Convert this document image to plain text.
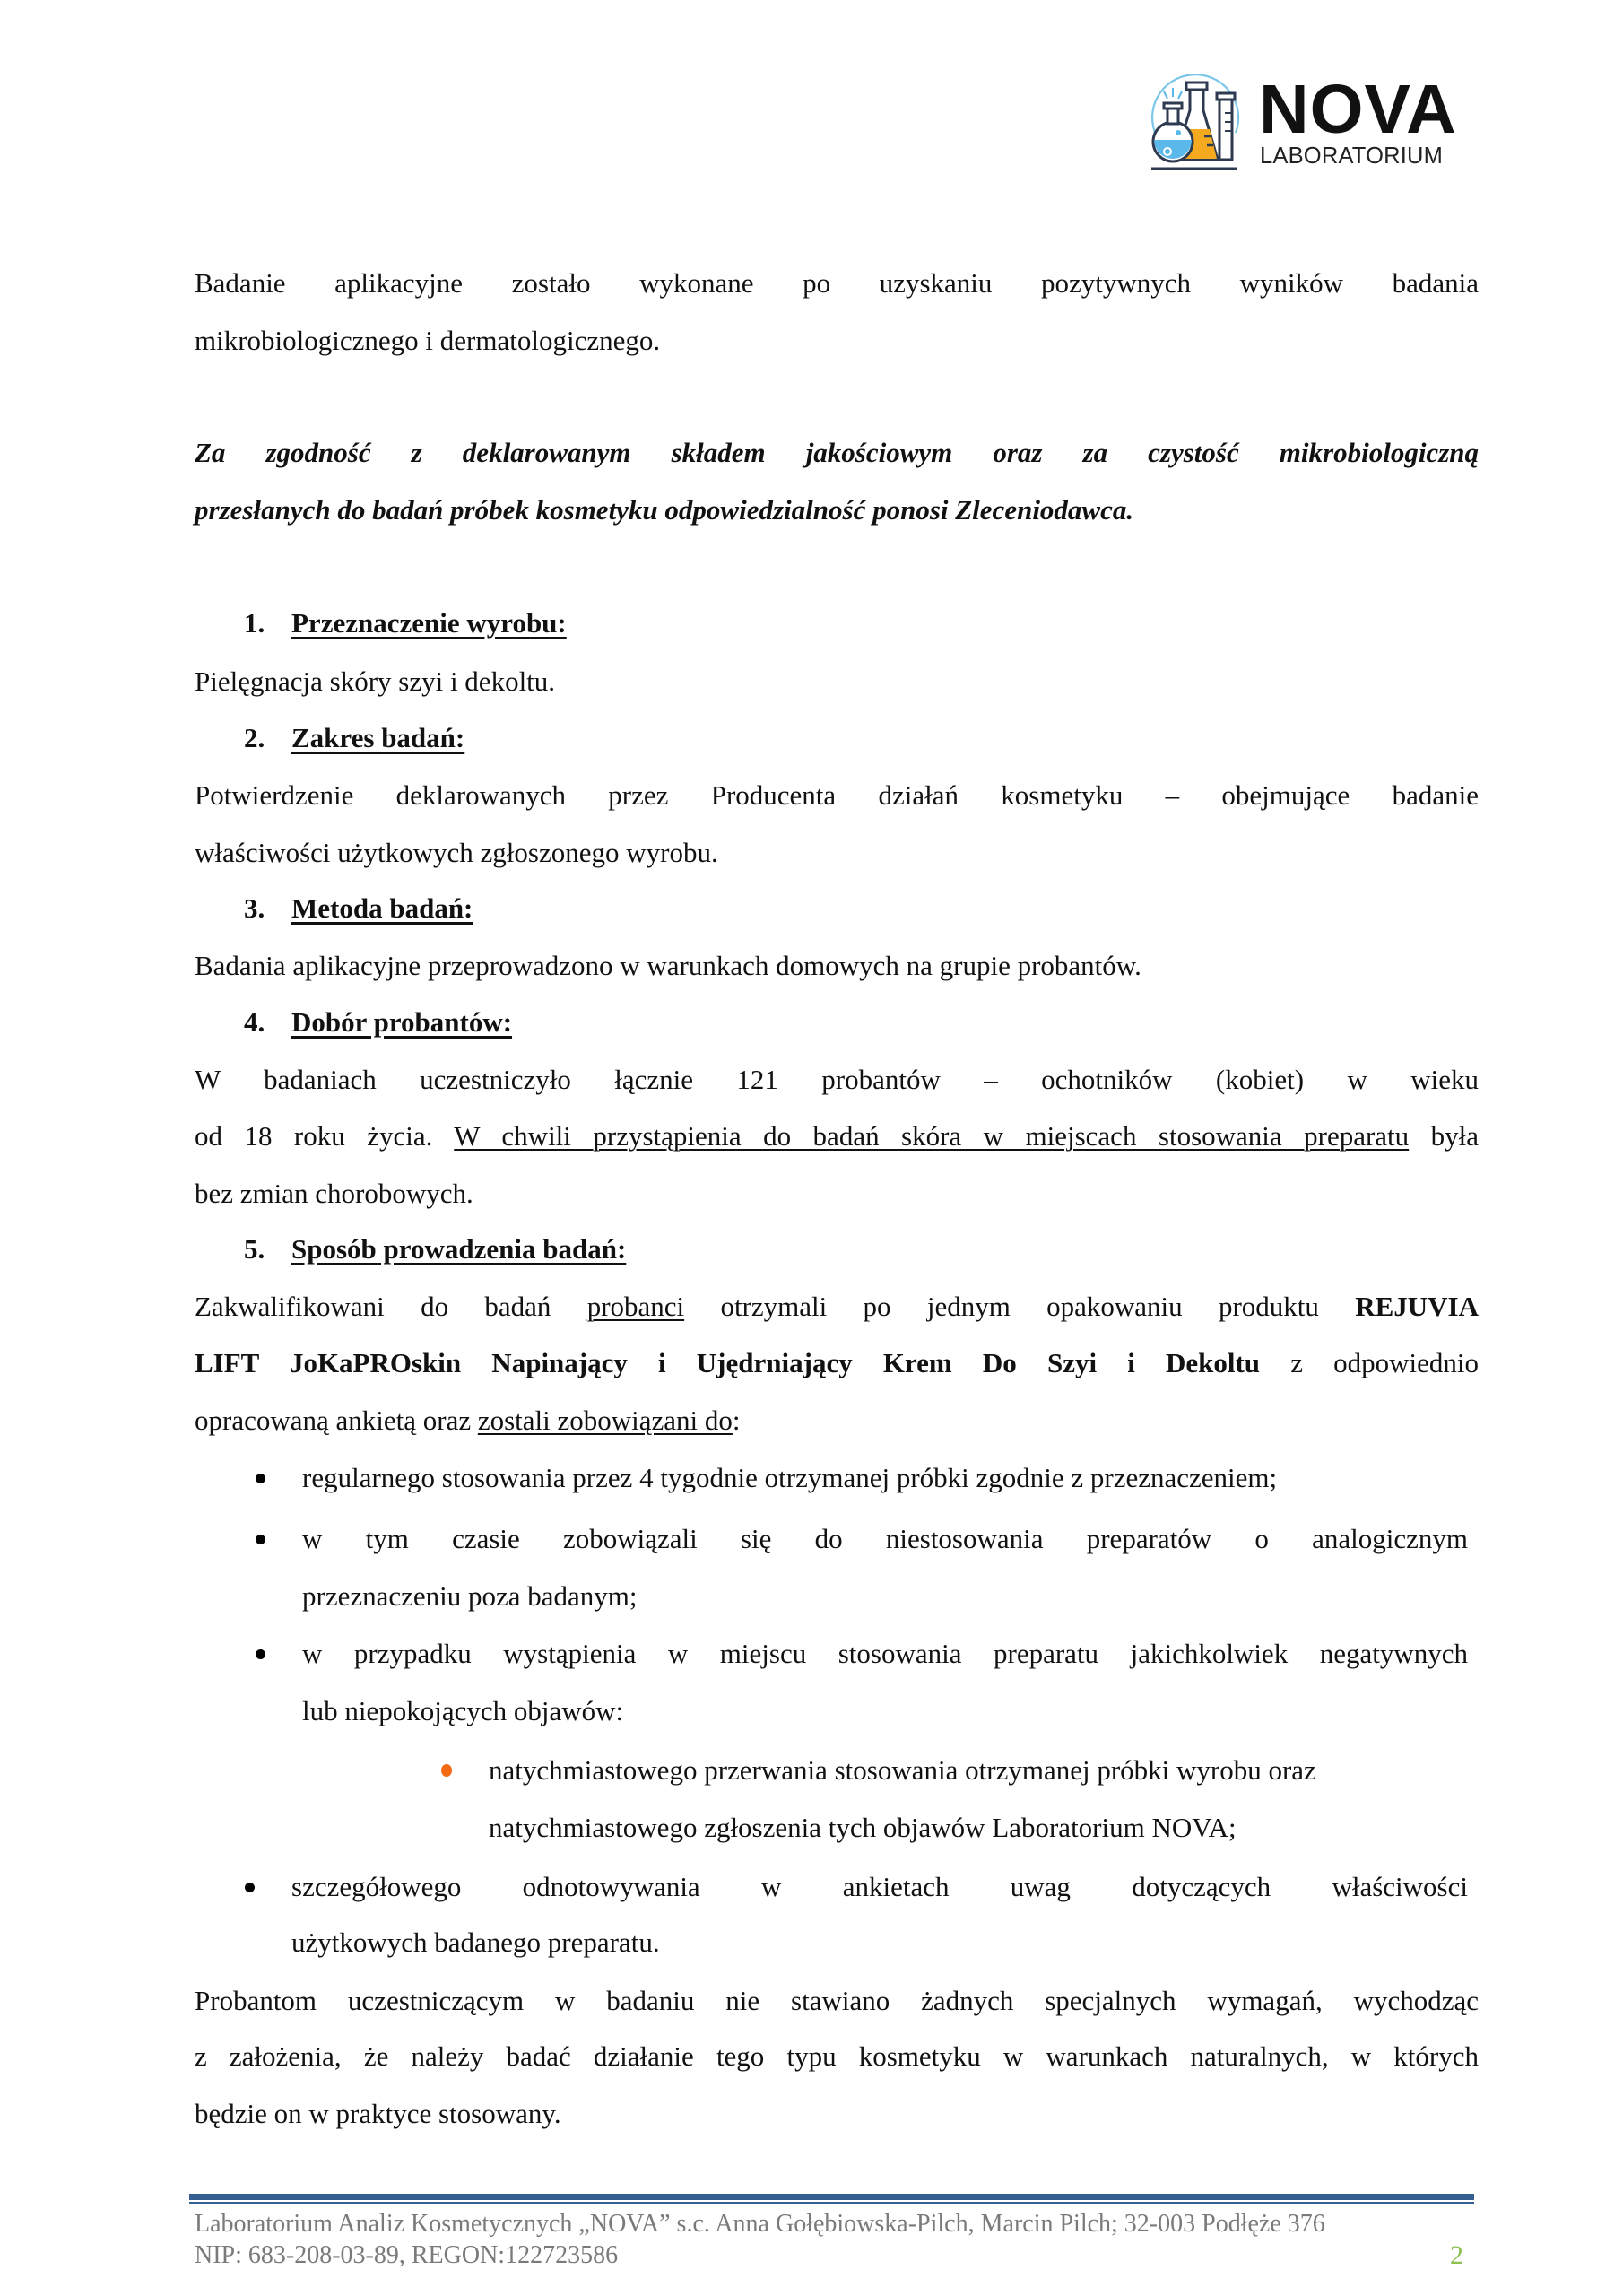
NOVA
LABORATORIUM
Badanie aplikacyjne zostało wykonane po uzyskaniu pozytywnych wyników badania
mikrobiologicznego i dermatologicznego.
Za zgodność z deklarowanym składem jakościowym oraz za czystość mikrobiologiczną
przesłanych do badań próbek kosmetyku odpowiedzialność ponosi Zleceniodawca.
1. Przeznaczenie wyrobu:
Pielęgnacja skóry szyi i dekoltu.
2. Zakres badań:
Potwierdzenie deklarowanych przez Producenta działań kosmetyku – obejmujące badanie
właściwości użytkowych zgłoszonego wyrobu.
3. Metoda badań:
Badania aplikacyjne przeprowadzono w warunkach domowych na grupie probantów.
4. Dobór probantów:
W badaniach uczestniczyło łącznie 121 probantów – ochotników (kobiet) w wieku
od 18 roku życia. W chwili przystąpienia do badań skóra w miejscach stosowania preparatu była
bez zmian chorobowych.
5. Sposób prowadzenia badań:
Zakwalifikowani do badań probanci otrzymali po jednym opakowaniu produktu REJUVIA
LIFT JoKaPROskin Napinający i Ujędrniający Krem Do Szyi i Dekoltu z odpowiednio
opracowaną ankietą oraz zostali zobowiązani do:
regularnego stosowania przez 4 tygodnie otrzymanej próbki zgodnie z przeznaczeniem;
w tym czasie zobowiązali się do niestosowania preparatów o analogicznym
przeznaczeniu poza badanym;
w przypadku wystąpienia w miejscu stosowania preparatu jakichkolwiek negatywnych
lub niepokojących objawów:
natychmiastowego przerwania stosowania otrzymanej próbki wyrobu oraz
natychmiastowego zgłoszenia tych objawów Laboratorium NOVA;
szczegółowego odnotowywania w ankietach uwag dotyczących właściwości
użytkowych badanego preparatu.
Probantom uczestniczącym w badaniu nie stawiano żadnych specjalnych wymagań, wychodząc
z założenia, że należy badać działanie tego typu kosmetyku w warunkach naturalnych, w których
będzie on w praktyce stosowany.
Laboratorium Analiz Kosmetycznych „NOVA” s.c. Anna Gołębiowska-Pilch, Marcin Pilch; 32-003 Podłęże 376
NIP: 683-208-03-89, REGON:122723586	2
